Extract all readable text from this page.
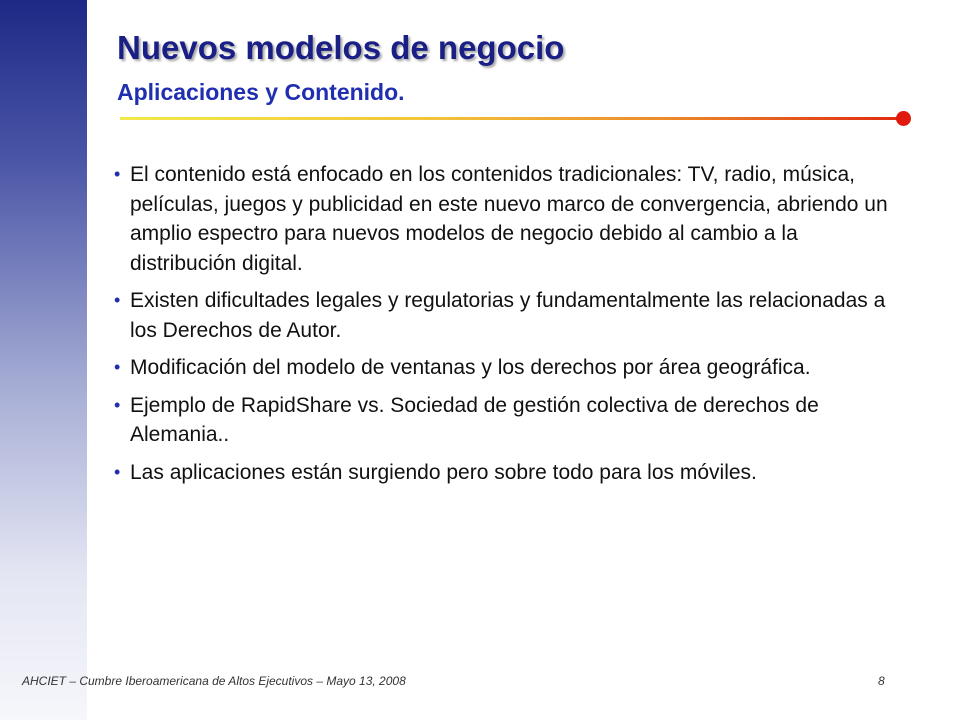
Nuevos modelos de negocio
Aplicaciones y Contenido.
• El contenido está enfocado en los contenidos tradicionales: TV, radio, música, películas, juegos y publicidad en este nuevo marco de convergencia, abriendo un amplio espectro para nuevos modelos de negocio debido al cambio a la distribución digital.
• Existen dificultades legales y regulatorias y fundamentalmente las relacionadas a los Derechos de Autor.
• Modificación del modelo de ventanas y los derechos por área geográfica.
• Ejemplo de RapidShare vs. Sociedad de gestión colectiva de derechos de Alemania..
• Las aplicaciones están surgiendo pero sobre todo para los móviles.
AHCIET – Cumbre Iberoamericana de Altos Ejecutivos – Mayo 13, 2008	8
